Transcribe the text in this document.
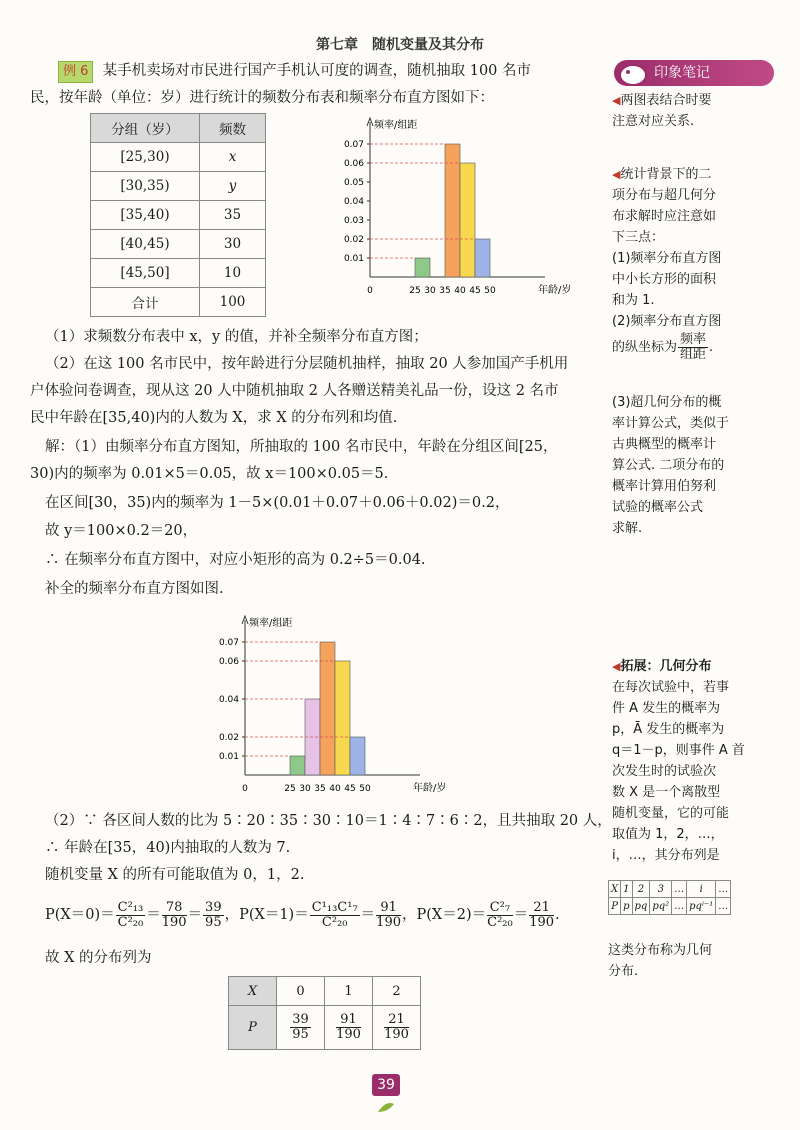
第七章 随机变量及其分布
例 6 某手机卖场对市民进行国产手机认可度的调查，随机抽取 100 名市
民，按年龄（单位：岁）进行统计的频数分布表和频率分布直方图如下：
分组（岁）	频数
[25,30)	x
[30,35)	y
[35,40)	35
[40,45)	30
[45,50]	10
合计	100
频率/组距
年龄/岁
0.01
0.02
0.03
0.04
0.05
0.06
0.07
0	25 30 35 40 45 50
（1）求频数分布表中 x，y 的值，并补全频率分布直方图；
（2）在这 100 名市民中，按年龄进行分层随机抽样，抽取 20 人参加国产手机用
户体验问卷调查，现从这 20 人中随机抽取 2 人各赠送精美礼品一份，设这 2 名市
民中年龄在[35,40)内的人数为 X，求 X 的分布列和均值.
解：（1）由频率分布直方图知，所抽取的 100 名市民中，年龄在分组区间[25，
30)内的频率为 0.01×5＝0.05，故 x＝100×0.05＝5.
在区间[30，35)内的频率为 1－5×(0.01＋0.07＋0.06＋0.02)＝0.2，
故 y＝100×0.2＝20，
∴ 在频率分布直方图中，对应小矩形的高为 0.2÷5＝0.04.
补全的频率分布直方图如图.
频率/组距
年龄/岁
0.01
0.02
0.04
0.06
0.07
0	25 30 35 40 45 50
（2）∵ 各区间人数的比为 5∶20∶35∶30∶10＝1∶4∶7∶6∶2，且共抽取 20 人，
∴ 年龄在[35，40)内抽取的人数为 7.
随机变量 X 的所有可能取值为 0，1，2.
$P(X=0)= \frac{\text{C²₁₃}}{\text{C²₂₀}} = \frac{78}{190} = \frac{39}{95}$ ，$P(X=1)= \frac{\text{C¹₁₃C¹₇}}{\text{C²₂₀}} = \frac{91}{190}$ ，$P(X=2)= \frac{\text{C²₇}}{\text{C²₂₀}} = \frac{21}{190}$ .
故 X 的分布列为
X	0	1	2
P	$\frac{39}{95}$	$\frac{91}{190}$	$\frac{21}{190}$
印象笔记
◀两图表结合时要
注意对应关系.
◀统计背景下的二
项分布与超几何分
布求解时应注意如
下三点：
(1)频率分布直方图
中小长方形的面积
和为 1.
(2)频率分布直方图
的纵坐标为 $\frac{\text{频率}}{\text{组距}}$ .
(3)超几何分布的概
率计算公式，类似于
古典概型的概率计
算公式. 二项分布的
概率计算用伯努利
试验的概率公式
求解.
◀拓展：几何分布
在每次试验中，若事
件 A 发生的概率为
p，Ā 发生的概率为
q＝1－p，则事件 A 首
次发生时的试验次
数 X 是一个离散型
随机变量，它的可能
取值为 1，2，…，
i，…，其分布列是
X	1	2	3	…	i	…
P	p	pq	pq²	…	pqⁱ⁻¹	…
这类分布称为几何
分布.
39
